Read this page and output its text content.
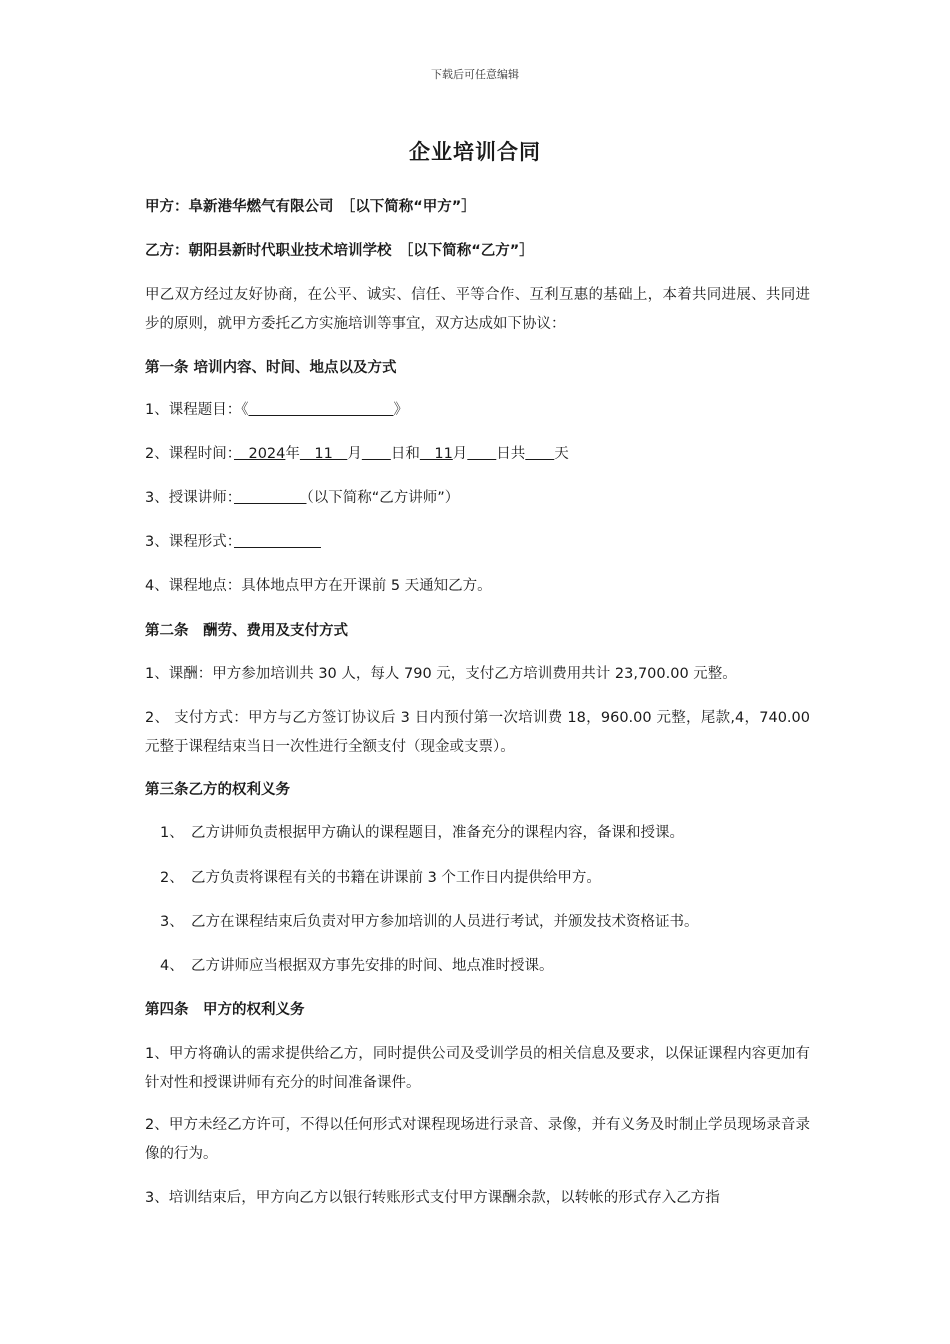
下载后可任意编辑
企业培训合同
甲方：阜新港华燃气有限公司　［以下简称“甲方”］
乙方：朝阳县新时代职业技术培训学校　［以下简称“乙方”］
甲乙双方经过友好协商，在公平、诚实、信任、平等合作、互利互惠的基础上，本着共同进展、共同进步的原则，就甲方委托乙方实施培训等事宜，双方达成如下协议：
第一条 培训内容、时间、地点以及方式
1、课程题目：《　　　　　　　　　　	》
2、课程时间：　2024年　11　月　　 日和　11月　　 日共　　 天
3、授课讲师：　　　　　	（以下简称“乙方讲师”）
3、课程形式：　　　　　　
4、课程地点：具体地点甲方在开课前 5 天通知乙方。
第二条　酬劳、费用及支付方式
1、课酬：甲方参加培训共 30 人，每人 790 元，支付乙方培训费用共计 23,700.00 元整。
2、 支付方式：甲方与乙方签订协议后 3 日内预付第一次培训费 18，960.00 元整，尾款,4，740.00 元整于课程结束当日一次性进行全额支付（现金或支票）。
第三条乙方的权利义务
1、　乙方讲师负责根据甲方确认的课程题目，准备充分的课程内容，备课和授课。
2、　乙方负责将课程有关的书籍在讲课前 3 个工作日内提供给甲方。
3、　乙方在课程结束后负责对甲方参加培训的人员进行考试，并颁发技术资格证书。
4、　乙方讲师应当根据双方事先安排的时间、地点准时授课。
第四条　甲方的权利义务
1、甲方将确认的需求提供给乙方，同时提供公司及受训学员的相关信息及要求，以保证课程内容更加有针对性和授课讲师有充分的时间准备课件。
2、甲方未经乙方许可，不得以任何形式对课程现场进行录音、录像，并有义务及时制止学员现场录音录像的行为。
3、培训结束后，甲方向乙方以银行转账形式支付甲方课酬余款，以转帐的形式存入乙方指
